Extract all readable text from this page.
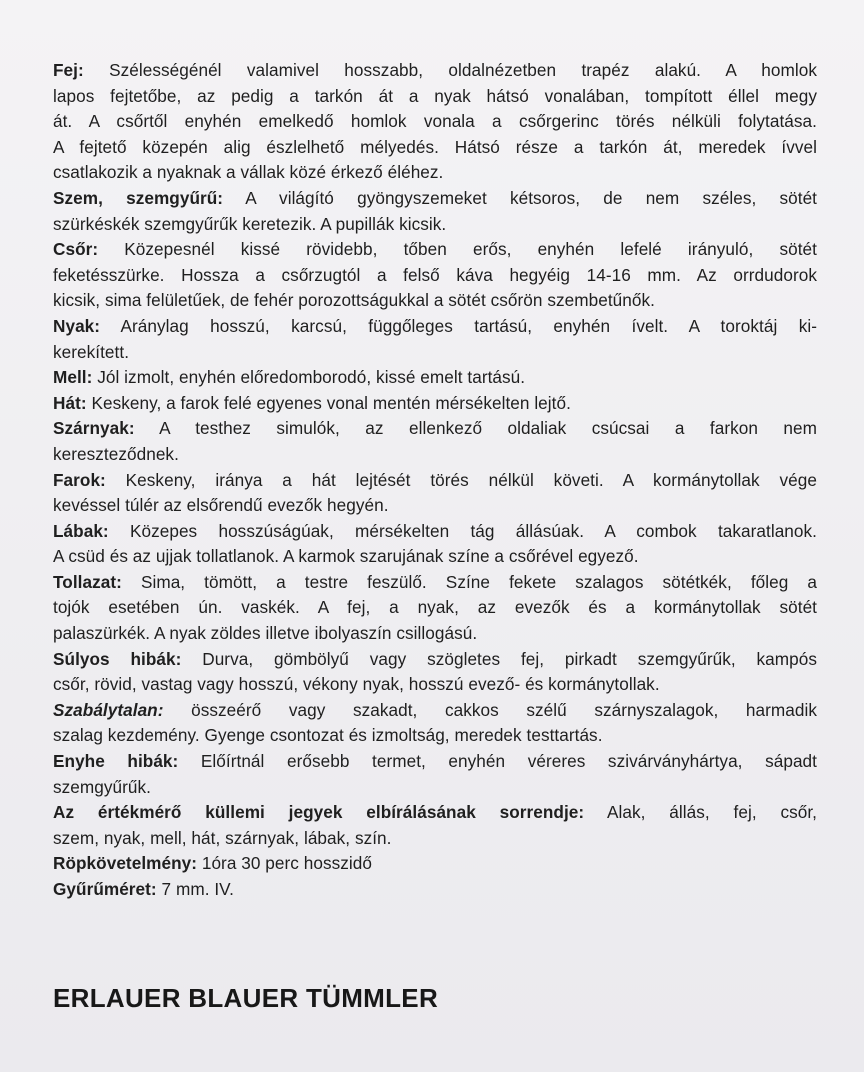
Fej: Szélességénél valamivel hosszabb, oldalnézetben trapéz alakú. A homlok
lapos fejtetőbe, az pedig a tarkón át a nyak hátsó vonalában, tompított éllel megy
át. A csőrtől enyhén emelkedő homlok vonala a csőrgerinc törés nélküli folytatása.
A fejtető közepén alig észlelhető mélyedés. Hátsó része a tarkón át, meredek ívvel
csatlakozik a nyaknak a vállak közé érkező éléhez.
Szem, szemgyűrű: A világító gyöngyszemeket kétsoros, de nem széles, sötét
szürkéskék szemgyűrűk keretezik. A pupillák kicsik.
Csőr: Közepesnél kissé rövidebb, tőben erős, enyhén lefelé irányuló, sötét
feketésszürke. Hossza a csőrzugtól a felső káva hegyéig 14-16 mm. Az orrdudorok
kicsik, sima felületűek, de fehér porozottságukkal a sötét csőrön szembetűnők.
Nyak: Aránylag hosszú, karcsú, függőleges tartású, enyhén ívelt. A toroktáj ki-
kerekített.
Mell: Jól izmolt, enyhén előredomborodó, kissé emelt tartású.
Hát: Keskeny, a farok felé egyenes vonal mentén mérsékelten lejtő.
Szárnyak: A testhez simulók, az ellenkező oldaliak csúcsai a farkon nem
kereszteződnek.
Farok: Keskeny, iránya a hát lejtését törés nélkül követi. A kormánytollak vége
kevéssel túlér az elsőrendű evezők hegyén.
Lábak: Közepes hosszúságúak, mérsékelten tág állásúak. A combok takaratlanok.
A csüd és az ujjak tollatlanok. A karmok szarujának színe a csőrével egyező.
Tollazat: Sima, tömött, a testre feszülő. Színe fekete szalagos sötétkék, főleg a
tojók esetében ún. vaskék. A fej, a nyak, az evezők és a kormánytollak sötét
palaszürkék. A nyak zöldes illetve ibolyaszín csillogású.
Súlyos hibák: Durva, gömbölyű vagy szögletes fej, pirkadt szemgyűrűk, kampós
csőr, rövid, vastag vagy hosszú, vékony nyak, hosszú evező- és kormánytollak.
Szabálytalan: összeérő vagy szakadt, cakkos szélű szárnyszalagok, harmadik
szalag kezdemény. Gyenge csontozat és izmoltság, meredek testtartás.
Enyhe hibák: Előírtnál erősebb termet, enyhén véreres szivárványhártya, sápadt
szemgyűrűk.
Az értékmérő küllemi jegyek elbírálásának sorrendje: Alak, állás, fej, csőr,
szem, nyak, mell, hát, szárnyak, lábak, szín.
Röpkövetelmény: 1óra 30 perc hosszidő
Gyűrűméret: 7 mm. IV.
ERLAUER BLAUER TÜMMLER
